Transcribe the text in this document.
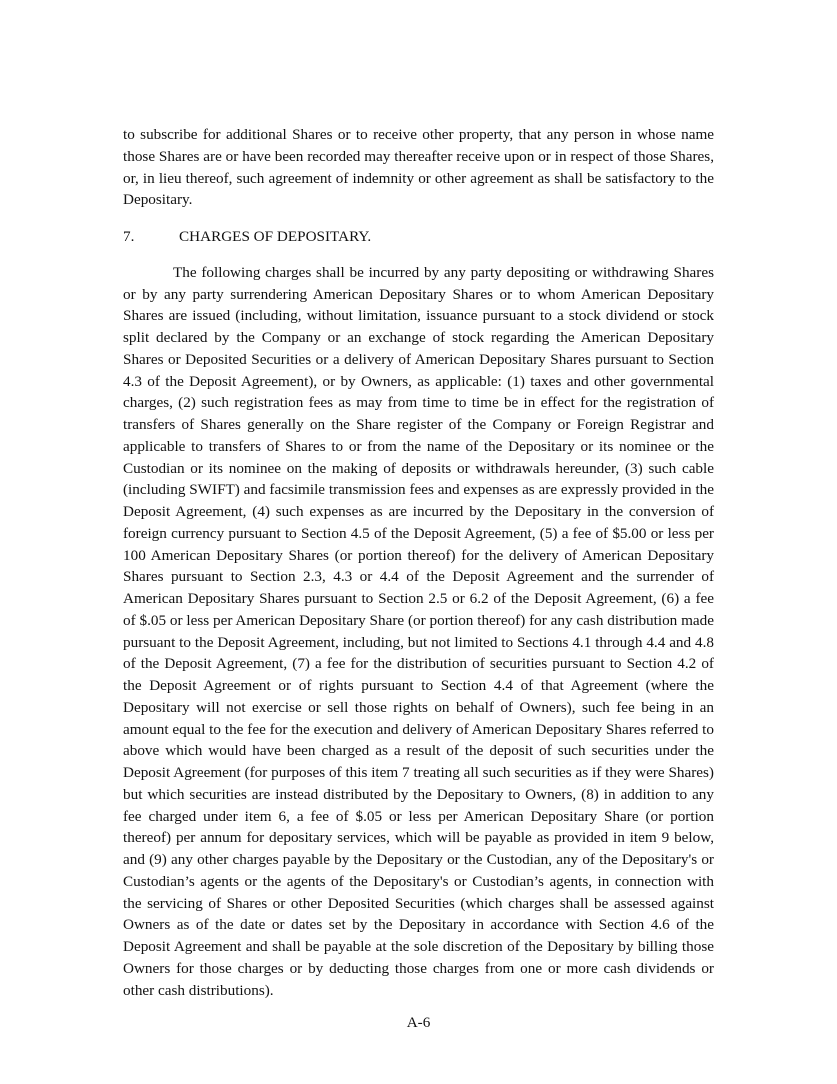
to subscribe for additional Shares or to receive other property, that any person in whose name those Shares are or have been recorded may thereafter receive upon or in respect of those Shares, or, in lieu thereof, such agreement of indemnity or other agreement as shall be satisfactory to the Depositary.

7.	CHARGES OF DEPOSITARY.

The following charges shall be incurred by any party depositing or withdrawing Shares or by any party surrendering American Depositary Shares or to whom American Depositary Shares are issued (including, without limitation, issuance pursuant to a stock dividend or stock split declared by the Company or an exchange of stock regarding the American Depositary Shares or Deposited Securities or a delivery of American Depositary Shares pursuant to Section 4.3 of the Deposit Agreement), or by Owners, as applicable: (1) taxes and other governmental charges, (2) such registration fees as may from time to time be in effect for the registration of transfers of Shares generally on the Share register of the Company or Foreign Registrar and applicable to transfers of Shares to or from the name of the Depositary or its nominee or the Custodian or its nominee on the making of deposits or withdrawals hereunder, (3) such cable (including SWIFT) and facsimile transmission fees and expenses as are expressly provided in the Deposit Agreement, (4) such expenses as are incurred by the Depositary in the conversion of foreign currency pursuant to Section 4.5 of the Deposit Agreement, (5) a fee of $5.00 or less per 100 American Depositary Shares (or portion thereof) for the delivery of American Depositary Shares pursuant to Section 2.3, 4.3 or 4.4 of the Deposit Agreement and the surrender of American Depositary Shares pursuant to Section 2.5 or 6.2 of the Deposit Agreement, (6) a fee of $.05 or less per American Depositary Share (or portion thereof) for any cash distribution made pursuant to the Deposit Agreement, including, but not limited to Sections 4.1 through 4.4 and 4.8 of the Deposit Agreement, (7) a fee for the distribution of securities pursuant to Section 4.2 of the Deposit Agreement or of rights pursuant to Section 4.4 of that Agreement (where the Depositary will not exercise or sell those rights on behalf of Owners), such fee being in an amount equal to the fee for the execution and delivery of American Depositary Shares referred to above which would have been charged as a result of the deposit of such securities under the Deposit Agreement (for purposes of this item 7 treating all such securities as if they were Shares) but which securities are instead distributed by the Depositary to Owners, (8) in addition to any fee charged under item 6, a fee of $.05 or less per American Depositary Share (or portion thereof) per annum for depositary services, which will be payable as provided in item 9 below, and (9) any other charges payable by the Depositary or the Custodian, any of the Depositary's or Custodian’s agents or the agents of the Depositary's or Custodian’s agents, in connection with the servicing of Shares or other Deposited Securities (which charges shall be assessed against Owners as of the date or dates set by the Depositary in accordance with Section 4.6 of the Deposit Agreement and shall be payable at the sole discretion of the Depositary by billing those Owners for those charges or by deducting those charges from one or more cash dividends or other cash distributions).

A-6
